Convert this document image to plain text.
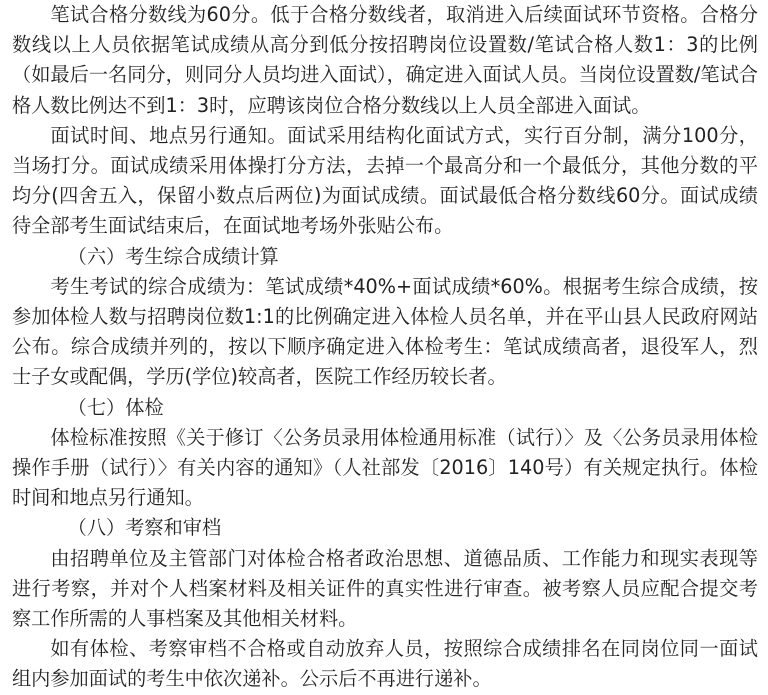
笔试合格分数线为60分。低于合格分数线者，取消进入后续面试环节资格。合格分数线以上人员依据笔试成绩从高分到低分按招聘岗位设置数/笔试合格人数1：3的比例（如最后一名同分，则同分人员均进入面试），确定进入面试人员。当岗位设置数/笔试合格人数比例达不到1：3时，应聘该岗位合格分数线以上人员全部进入面试。

面试时间、地点另行通知。面试采用结构化面试方式，实行百分制，满分100分，当场打分。面试成绩采用体操打分方法，去掉一个最高分和一个最低分，其他分数的平均分(四舍五入，保留小数点后两位)为面试成绩。面试最低合格分数线60分。面试成绩待全部考生面试结束后，在面试地考场外张贴公布。

（六）考生综合成绩计算

考生考试的综合成绩为：笔试成绩*40%+面试成绩*60%。根据考生综合成绩，按参加体检人数与招聘岗位数1:1的比例确定进入体检人员名单，并在平山县人民政府网站公布。综合成绩并列的，按以下顺序确定进入体检考生：笔试成绩高者，退役军人，烈士子女或配偶，学历(学位)较高者，医院工作经历较长者。

（七）体检

体检标准按照《关于修订〈公务员录用体检通用标准（试行）〉及〈公务员录用体检操作手册（试行）〉有关内容的通知》（人社部发〔2016〕140号）有关规定执行。体检时间和地点另行通知。

（八）考察和审档

由招聘单位及主管部门对体检合格者政治思想、道德品质、工作能力和现实表现等进行考察，并对个人档案材料及相关证件的真实性进行审查。被考察人员应配合提交考察工作所需的人事档案及其他相关材料。

如有体检、考察审档不合格或自动放弃人员，按照综合成绩排名在同岗位同一面试组内参加面试的考生中依次递补。公示后不再进行递补。
